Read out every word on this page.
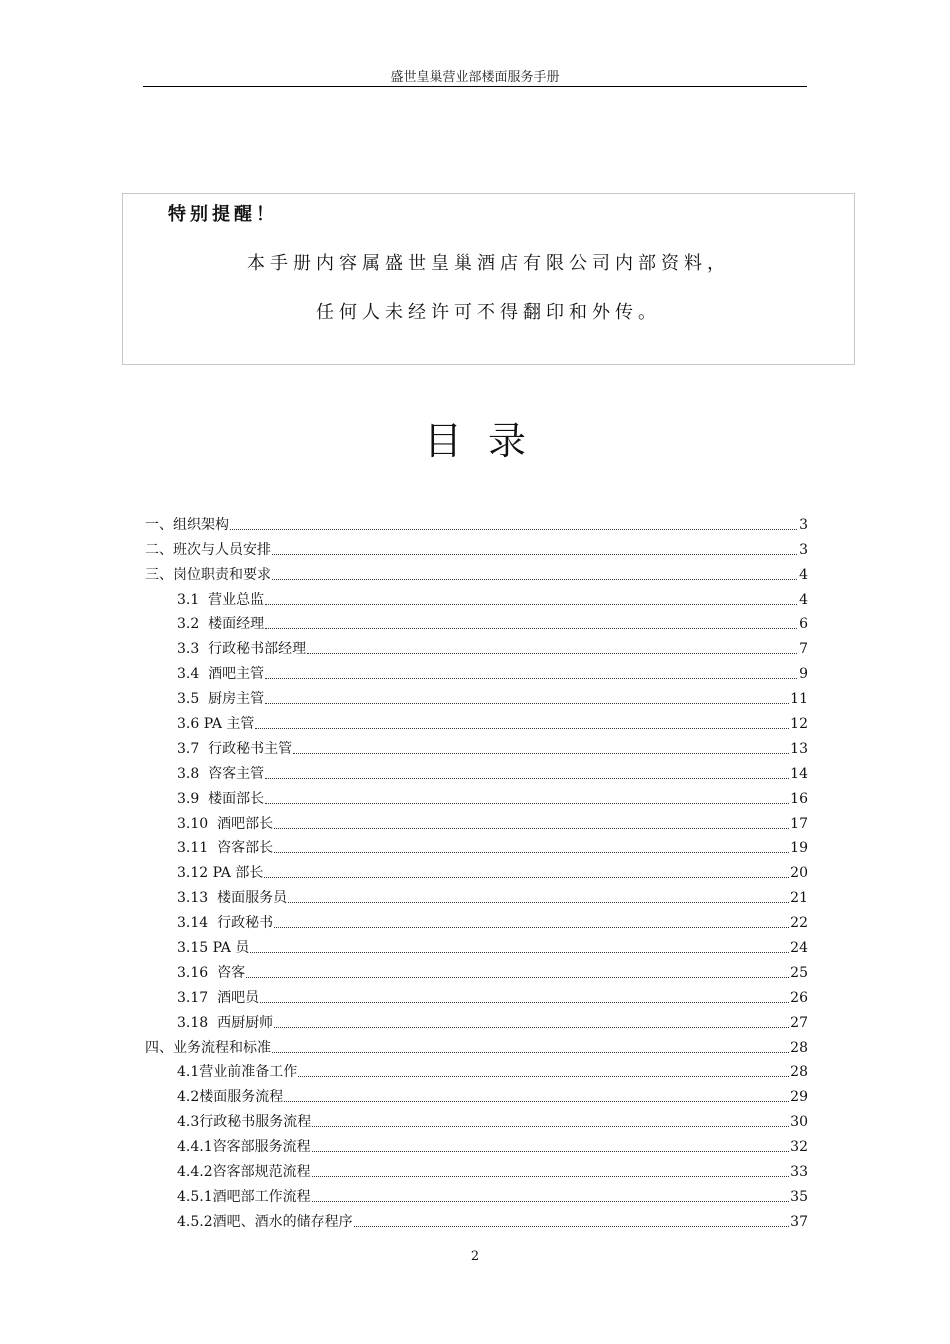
盛世皇巢营业部楼面服务手册
特别提醒！
本手册内容属盛世皇巢酒店有限公司内部资料，
任何人未经许可不得翻印和外传。
目录
一、组织架构	3
二、班次与人员安排	3
三、岗位职责和要求	4
3.1  营业总监	4
3.2  楼面经理	6
3.3  行政秘书部经理	7
3.4  酒吧主管	9
3.5  厨房主管	11
3.6 PA 主管	12
3.7  行政秘书主管	13
3.8  咨客主管	14
3.9  楼面部长	16
3.10  酒吧部长	17
3.11  咨客部长	19
3.12 PA 部长	20
3.13  楼面服务员	21
3.14  行政秘书	22
3.15 PA 员	24
3.16  咨客	25
3.17  酒吧员	26
3.18  西厨厨师	27
四、业务流程和标准	28
4.1营业前准备工作	28
4.2楼面服务流程	29
4.3行政秘书服务流程	30
4.4.1咨客部服务流程	32
4.4.2咨客部规范流程	33
4.5.1酒吧部工作流程	35
4.5.2酒吧、酒水的储存程序	37
2
